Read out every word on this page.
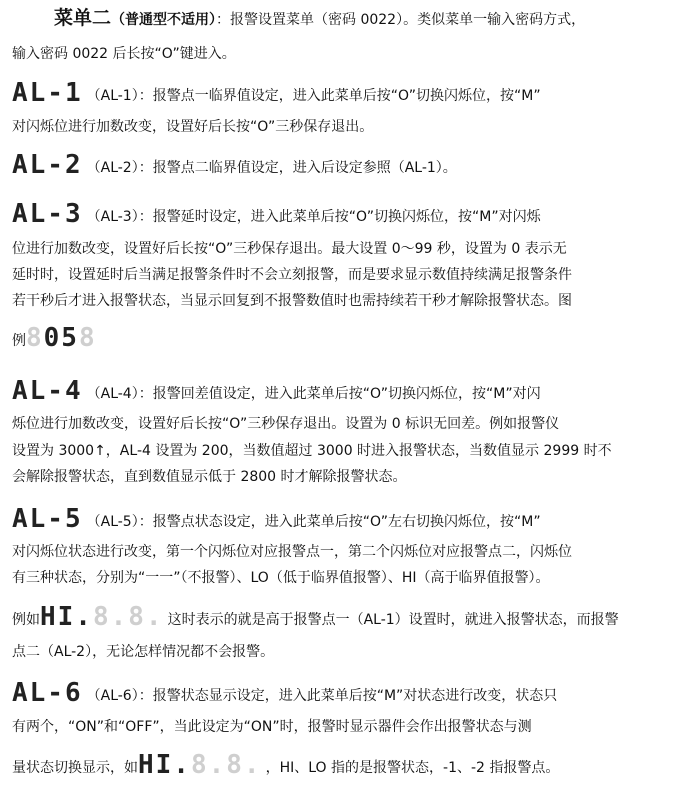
菜单二（普通型不适用）：报警设置菜单（密码 0022）。类似菜单一输入密码方式，
输入密码 0022 后长按“O”键进入。
AL-1 （AL-1）：报警点一临界值设定，进入此菜单后按“O”切换闪烁位，按“M”
对闪烁位进行加数改变，设置好后长按“O”三秒保存退出。
AL-2 （AL-2）：报警点二临界值设定，进入后设定参照（AL-1）。
AL-3 （AL-3）：报警延时设定，进入此菜单后按“O”切换闪烁位，按“M”对闪烁
位进行加数改变，设置好后长按“O”三秒保存退出。最大设置 0～99 秒，设置为 0 表示无
延时时，设置延时后当满足报警条件时不会立刻报警，而是要求显示数值持续满足报警条件
若干秒后才进入报警状态，当显示回复到不报警数值时也需持续若干秒才解除报警状态。图
例8058
AL-4 （AL-4）：报警回差值设定，进入此菜单后按“O”切换闪烁位，按“M”对闪
烁位进行加数改变，设置好后长按“O”三秒保存退出。设置为 0 标识无回差。例如报警仪
设置为 3000↑，AL-4 设置为 200，当数值超过 3000 时进入报警状态，当数值显示 2999 时不
会解除报警状态，直到数值显示低于 2800 时才解除报警状态。
AL-5 （AL-5）：报警点状态设定，进入此菜单后按“O”左右切换闪烁位，按“M”
对闪烁位状态进行改变，第一个闪烁位对应报警点一，第二个闪烁位对应报警点二，闪烁位
有三种状态，分别为“一一”（不报警）、LO（低于临界值报警）、HI（高于临界值报警）。
例如HI.8.8. 这时表示的就是高于报警点一（AL-1）设置时，就进入报警状态，而报警
点二（AL-2），无论怎样情况都不会报警。
AL-6 （AL-6）：报警状态显示设定，进入此菜单后按“M”对状态进行改变，状态只
有两个，“ON”和“OFF”，当此设定为“ON”时，报警时显示器件会作出报警状态与测
量状态切换显示，如HI.8.8. ，HI、LO 指的是报警状态，-1、-2 指报警点。
